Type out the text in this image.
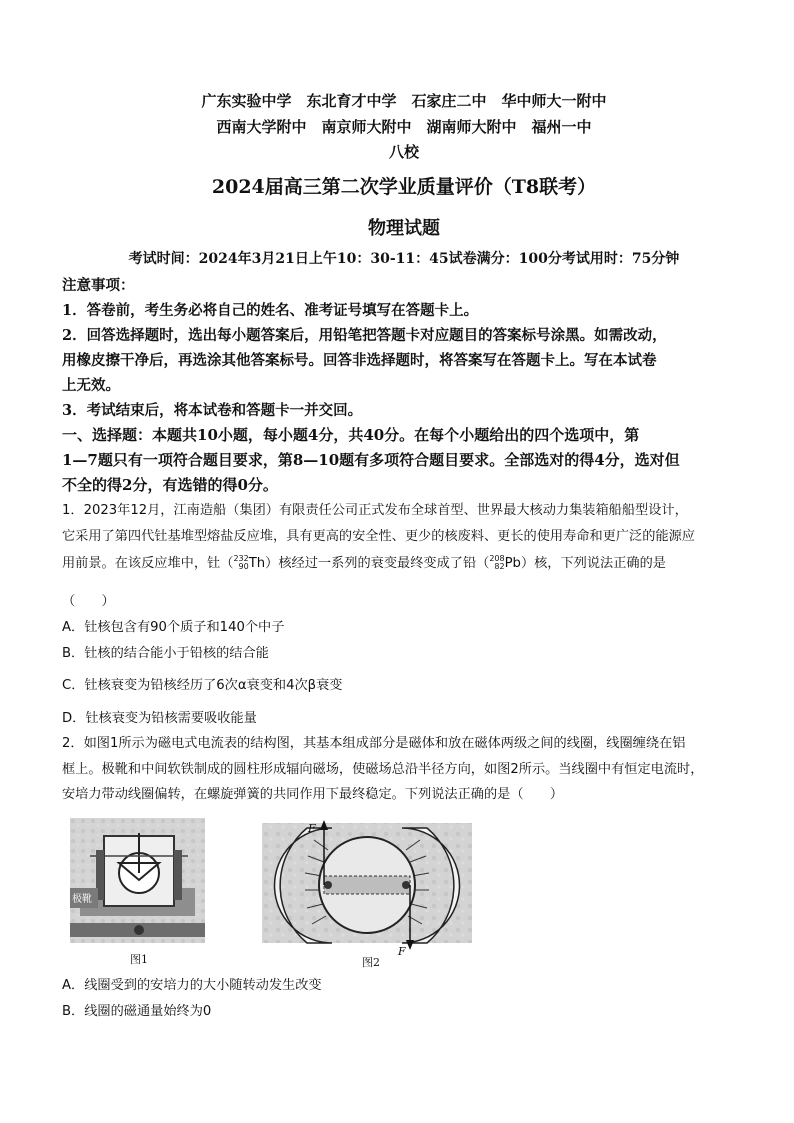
广东实验中学　东北育才中学　石家庄二中　华中师大一附中
西南大学附中　南京师大附中　湖南师大附中　福州一中
八校
2024届高三第二次学业质量评价（T8联考）
物理试题
考试时间：2024年3月21日上午10：30-11：45试卷满分：100分考试用时：75分钟
注意事项：
1．答卷前，考生务必将自己的姓名、准考证号填写在答题卡上。
2．回答选择题时，选出每小题答案后，用铅笔把答题卡对应题目的答案标号涂黑。如需改动，
用橡皮擦干净后，再选涂其他答案标号。回答非选择题时，将答案写在答题卡上。写在本试卷
上无效。
3．考试结束后，将本试卷和答题卡一并交回。
一、选择题：本题共10小题，每小题4分，共40分。在每个小题给出的四个选项中，第
1—7题只有一项符合题目要求，第8—10题有多项符合题目要求。全部选对的得4分，选对但
不全的得2分，有选错的得0分。
1．2023年12月，江南造船（集团）有限责任公司正式发布全球首型、世界最大核动力集装箱船船型设计，
它采用了第四代钍基堆型熔盐反应堆，具有更高的安全性、更少的核废料、更长的使用寿命和更广泛的能源应
用前景。在该反应堆中，钍（ 232
90 Th）核经过一系列的衰变最终变成了铅（ 208
82 Pb）核，下列说法正确的是
（　　）
A．钍核包含有90个质子和140个中子
B．钍核的结合能小于铅核的结合能
C．钍核衰变为铅核经历了6次α衰变和4次β衰变
D．钍核衰变为铅核需要吸收能量
2．如图1所示为磁电式电流表的结构图，其基本组成部分是磁体和放在磁体两级之间的线圈，线圈缠绕在铝
框上。极靴和中间软铁制成的圆柱形成辐向磁场，使磁场总沿半径方向，如图2所示。当线圈中有恒定电流时，
安培力带动线圈偏转，在螺旋弹簧的共同作用下最终稳定。下列说法正确的是（　　）
极靴
图1
F
F
图2
A．线圈受到的安培力的大小随转动发生改变
B．线圈的磁通量始终为0
